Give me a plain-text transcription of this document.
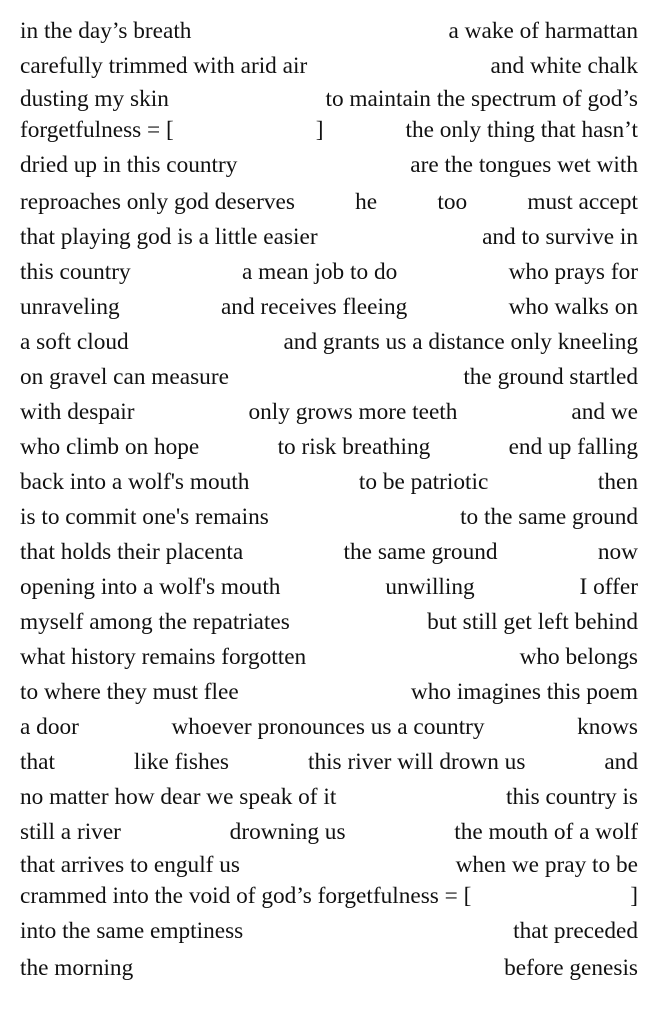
in the day’s breath	a wake of harmattan
carefully trimmed with arid air	and white chalk
dusting my skin	to maintain the spectrum of god’s
forgetfulness = [	]	the only thing that hasn’t
dried up in this country	are the tongues wet with
reproaches only god deserves	he	too	must accept
that playing god is a little easier	and to survive in
this country	a mean job to do	who prays for
unraveling	and receives fleeing	who walks on
a soft cloud	and grants us a distance only kneeling
on gravel can measure	the ground startled
with despair	only grows more teeth	and we
who climb on hope	to risk breathing	end up falling
back into a wolf's mouth	to be patriotic	then
is to commit one's remains	to the same ground
that holds their placenta	the same ground	now
opening into a wolf's mouth	unwilling	I offer
myself among the repatriates	but still get left behind
what history remains forgotten	who belongs
to where they must flee	who imagines this poem
a door	whoever pronounces us a country	knows
that	like fishes	this river will drown us	and
no matter how dear we speak of it	this country is
still a river	drowning us	the mouth of a wolf
that arrives to engulf us	when we pray to be
crammed into the void of god’s forgetfulness = [	]
into the same emptiness	that preceded
the morning	before genesis
